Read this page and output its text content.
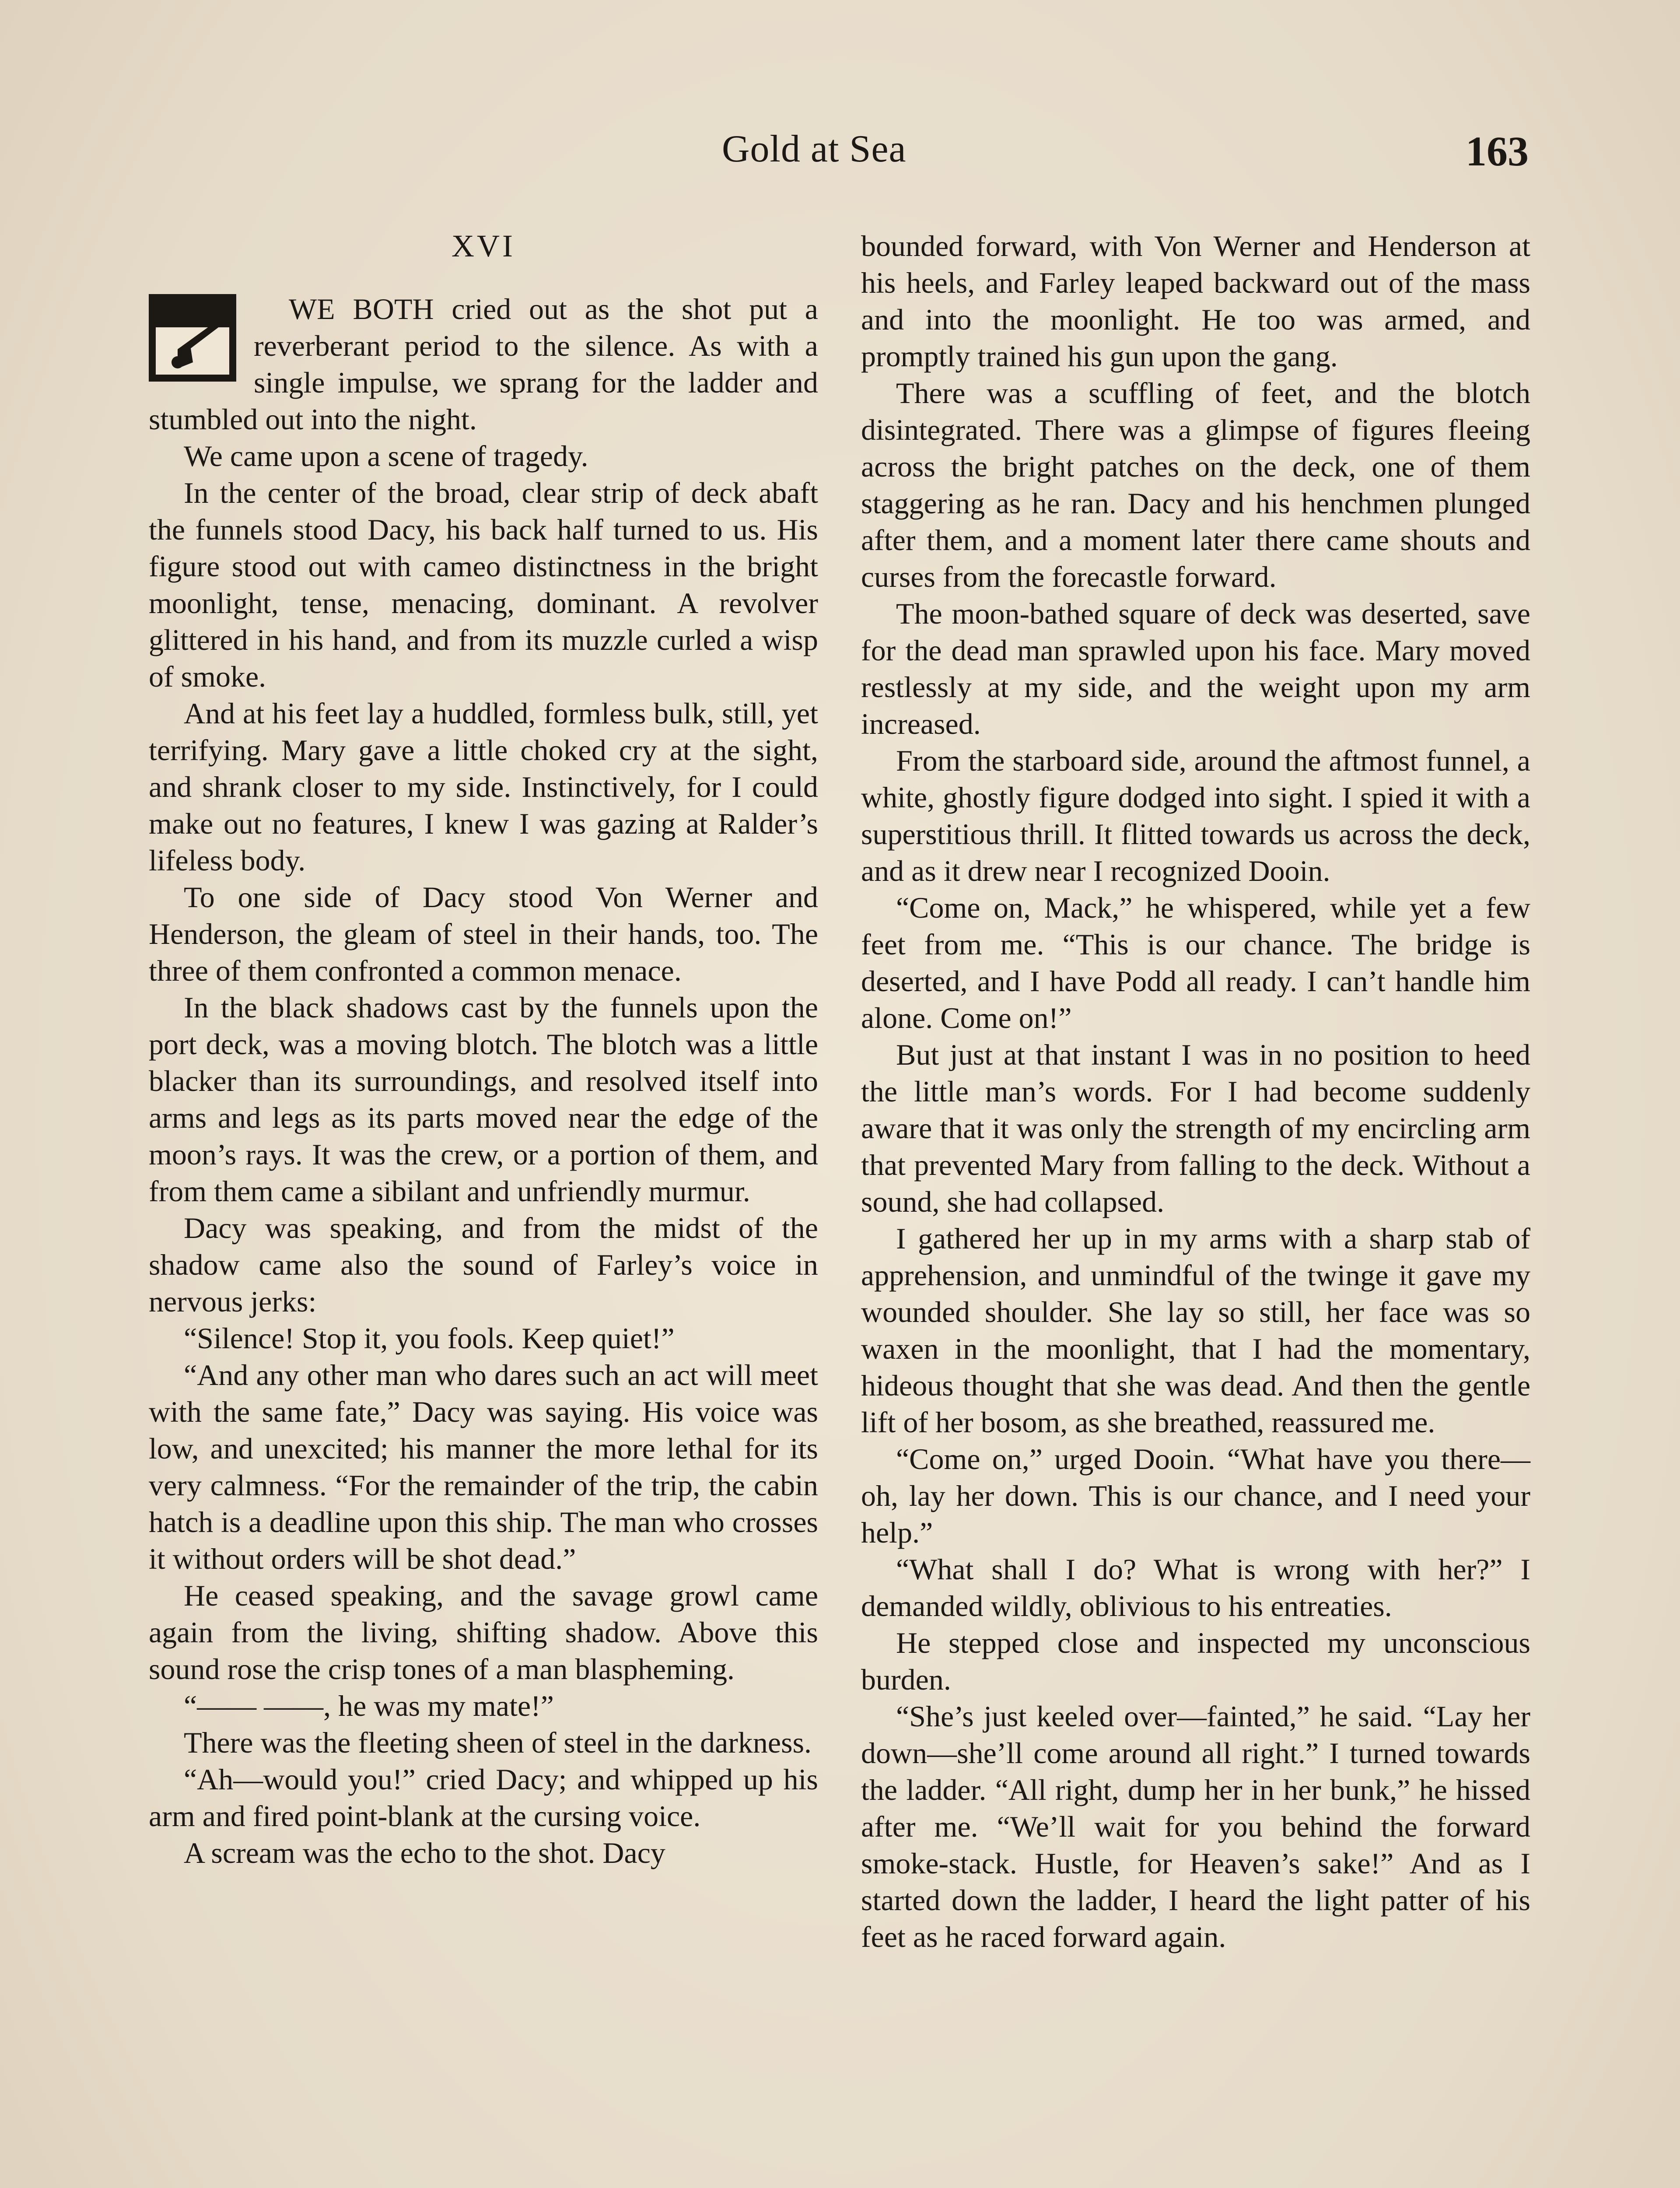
Gold at Sea	163
XVI

WE BOTH cried out as the shot put a reverberant period to the silence. As with a single impulse, we sprang for the ladder and stumbled out into the night.

We came upon a scene of tragedy.

In the center of the broad, clear strip of deck abaft the funnels stood Dacy, his back half turned to us. His figure stood out with cameo distinctness in the bright moonlight, tense, menacing, dominant. A revolver glittered in his hand, and from its muzzle curled a wisp of smoke.

And at his feet lay a huddled, formless bulk, still, yet terrifying. Mary gave a little choked cry at the sight, and shrank closer to my side. Instinctively, for I could make out no features, I knew I was gazing at Ralder’s lifeless body.

To one side of Dacy stood Von Werner and Henderson, the gleam of steel in their hands, too. The three of them confronted a common menace.

In the black shadows cast by the funnels upon the port deck, was a moving blotch. The blotch was a little blacker than its surroundings, and resolved itself into arms and legs as its parts moved near the edge of the moon’s rays. It was the crew, or a portion of them, and from them came a sibilant and unfriendly murmur.

Dacy was speaking, and from the midst of the shadow came also the sound of Farley’s voice in nervous jerks:

“Silence! Stop it, you fools. Keep quiet!”

“And any other man who dares such an act will meet with the same fate,” Dacy was saying. His voice was low, and unexcited; his manner the more lethal for its very calmness. “For the remainder of the trip, the cabin hatch is a deadline upon this ship. The man who crosses it without orders will be shot dead.”

He ceased speaking, and the savage growl came again from the living, shifting shadow. Above this sound rose the crisp tones of a man blaspheming.

“—— ——, he was my mate!”

There was the fleeting sheen of steel in the darkness.

“Ah—would you!” cried Dacy; and whipped up his arm and fired point-blank at the cursing voice.

A scream was the echo to the shot. Dacy

bounded forward, with Von Werner and Henderson at his heels, and Farley leaped backward out of the mass and into the moonlight. He too was armed, and promptly trained his gun upon the gang.

There was a scuffling of feet, and the blotch disintegrated. There was a glimpse of figures fleeing across the bright patches on the deck, one of them staggering as he ran. Dacy and his henchmen plunged after them, and a moment later there came shouts and curses from the forecastle forward.

The moon-bathed square of deck was deserted, save for the dead man sprawled upon his face. Mary moved restlessly at my side, and the weight upon my arm increased.

From the starboard side, around the aftmost funnel, a white, ghostly figure dodged into sight. I spied it with a superstitious thrill. It flitted towards us across the deck, and as it drew near I recognized Dooin.

“Come on, Mack,” he whispered, while yet a few feet from me. “This is our chance. The bridge is deserted, and I have Podd all ready. I can’t handle him alone. Come on!”

But just at that instant I was in no position to heed the little man’s words. For I had become suddenly aware that it was only the strength of my encircling arm that prevented Mary from falling to the deck. Without a sound, she had collapsed.

I gathered her up in my arms with a sharp stab of apprehension, and unmindful of the twinge it gave my wounded shoulder. She lay so still, her face was so waxen in the moonlight, that I had the momentary, hideous thought that she was dead. And then the gentle lift of her bosom, as she breathed, reassured me.

“Come on,” urged Dooin. “What have you there—oh, lay her down. This is our chance, and I need your help.”

“What shall I do? What is wrong with her?” I demanded wildly, oblivious to his entreaties.

He stepped close and inspected my unconscious burden.

“She’s just keeled over—fainted,” he said. “Lay her down—she’ll come around all right.” I turned towards the ladder. “All right, dump her in her bunk,” he hissed after me. “We’ll wait for you behind the forward smoke-stack. Hustle, for Heaven’s sake!” And as I started down the ladder, I heard the light patter of his feet as he raced forward again.
